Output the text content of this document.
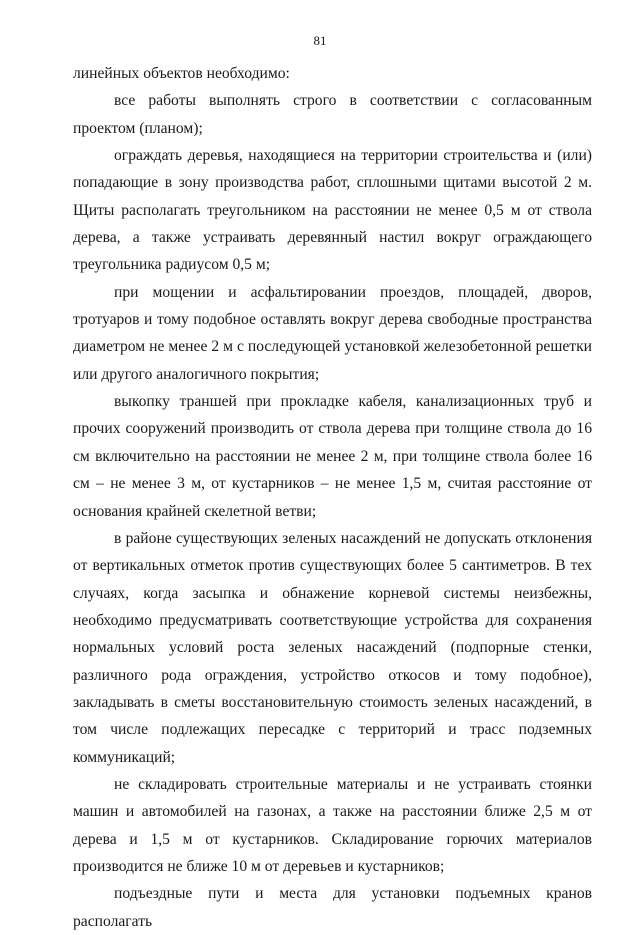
81

линейных объектов необходимо:

все работы выполнять строго в соответствии с согласованным проектом (планом);

ограждать деревья, находящиеся на территории строительства и (или) попадающие в зону производства работ, сплошными щитами высотой 2 м. Щиты располагать треугольником на расстоянии не менее 0,5 м от ствола дерева, а также устраивать деревянный настил вокруг ограждающего треугольника радиусом 0,5 м;

при мощении и асфальтировании проездов, площадей, дворов, тротуаров и тому подобное оставлять вокруг дерева свободные пространства диаметром не менее 2 м с последующей установкой железобетонной решетки или другого аналогичного покрытия;

выкопку траншей при прокладке кабеля, канализационных труб и прочих сооружений производить от ствола дерева при толщине ствола до 16 см включительно на расстоянии не менее 2 м, при толщине ствола более 16 см – не менее 3 м, от кустарников – не менее 1,5 м, считая расстояние от основания крайней скелетной ветви;

в районе существующих зеленых насаждений не допускать отклонения от вертикальных отметок против существующих более 5 сантиметров. В тех случаях, когда засыпка и обнажение корневой системы неизбежны, необходимо предусматривать соответствующие устройства для сохранения нормальных условий роста зеленых насаждений (подпорные стенки, различного рода ограждения, устройство откосов и тому подобное), закладывать в сметы восстановительную стоимость зеленых насаждений, в том числе подлежащих пересадке с территорий и трасс подземных коммуникаций;

не складировать строительные материалы и не устраивать стоянки машин и автомобилей на газонах, а также на расстоянии ближе 2,5 м от дерева и 1,5 м от кустарников. Складирование горючих материалов производится не ближе 10 м от деревьев и кустарников;

подъездные пути и места для установки подъемных кранов располагать
